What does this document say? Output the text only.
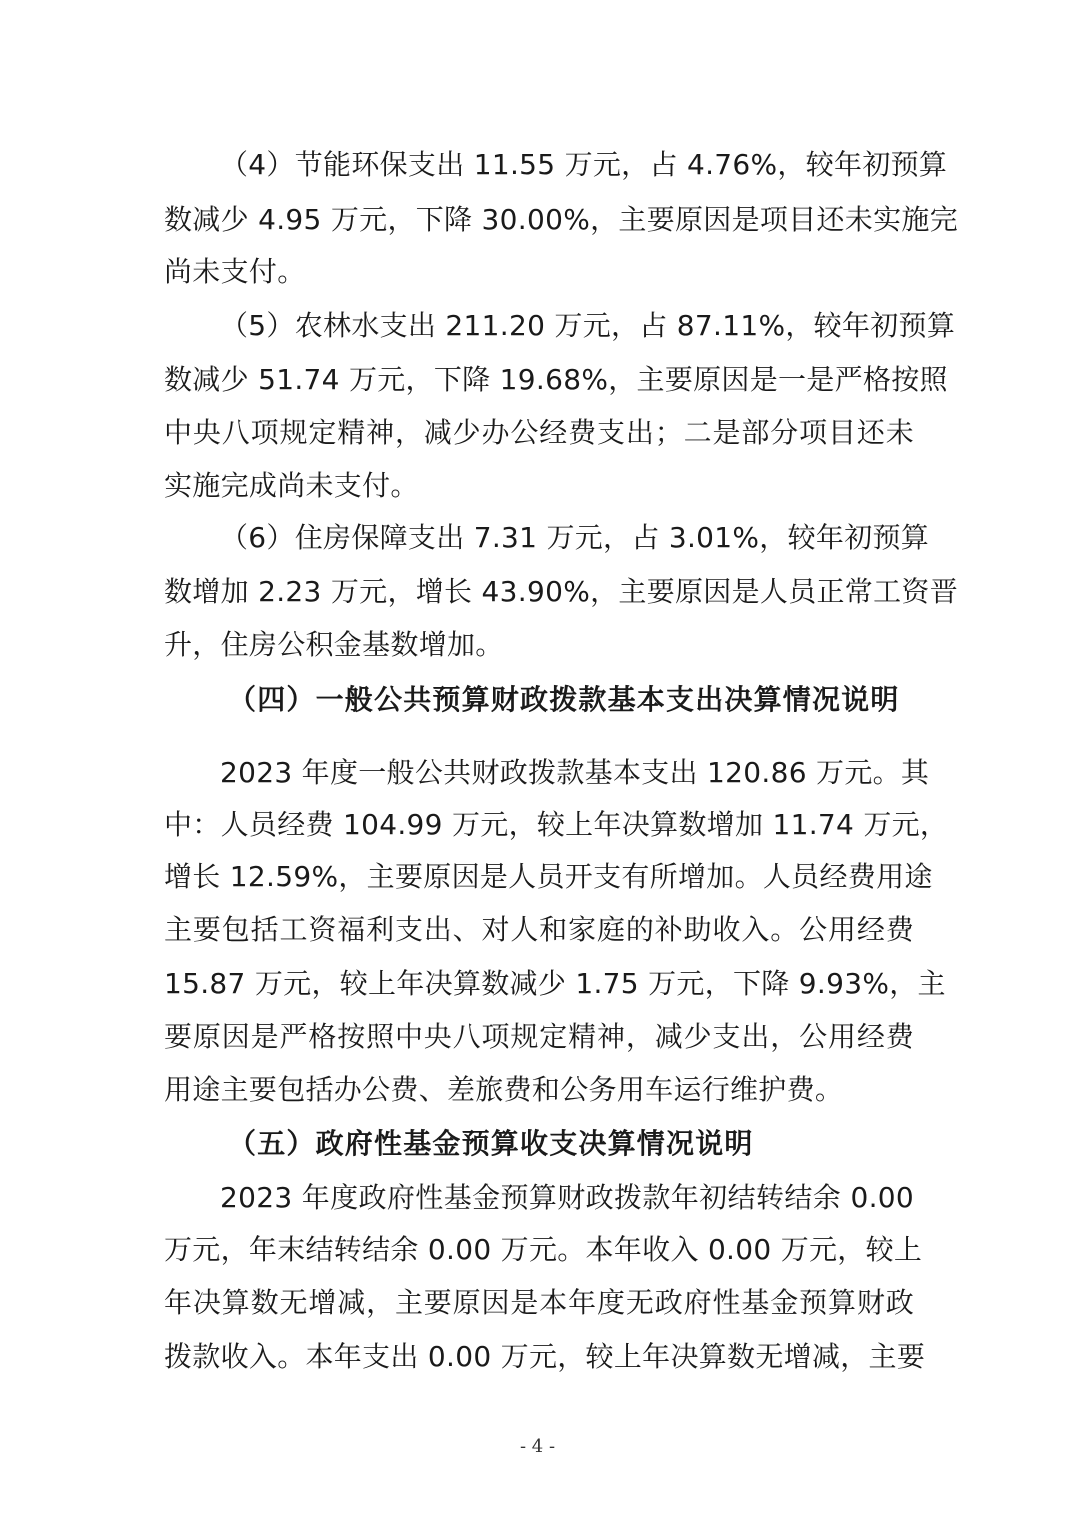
（4）节能环保支出 11.55 万元，占 4.76%，较年初预算
数减少 4.95 万元，下降 30.00%，主要原因是项目还未实施完
尚未支付。
（5）农林水支出 211.20 万元，占 87.11%，较年初预算
数减少 51.74 万元，下降 19.68%，主要原因是一是严格按照
中央八项规定精神，减少办公经费支出；二是部分项目还未
实施完成尚未支付。
（6）住房保障支出 7.31 万元，占 3.01%，较年初预算
数增加 2.23 万元，增长 43.90%，主要原因是人员正常工资晋
升，住房公积金基数增加。
（四）一般公共预算财政拨款基本支出决算情况说明
2023 年度一般公共财政拨款基本支出 120.86 万元。其
中：人员经费 104.99 万元，较上年决算数增加 11.74 万元，
增长 12.59%，主要原因是人员开支有所增加。人员经费用途
主要包括工资福利支出、对人和家庭的补助收入。公用经费
15.87 万元，较上年决算数减少 1.75 万元，下降 9.93%，主
要原因是严格按照中央八项规定精神，减少支出，公用经费
用途主要包括办公费、差旅费和公务用车运行维护费。
（五）政府性基金预算收支决算情况说明
2023 年度政府性基金预算财政拨款年初结转结余 0.00
万元，年末结转结余 0.00 万元。本年收入 0.00 万元，较上
年决算数无增减，主要原因是本年度无政府性基金预算财政
拨款收入。本年支出 0.00 万元，较上年决算数无增减，主要
- 4 -
